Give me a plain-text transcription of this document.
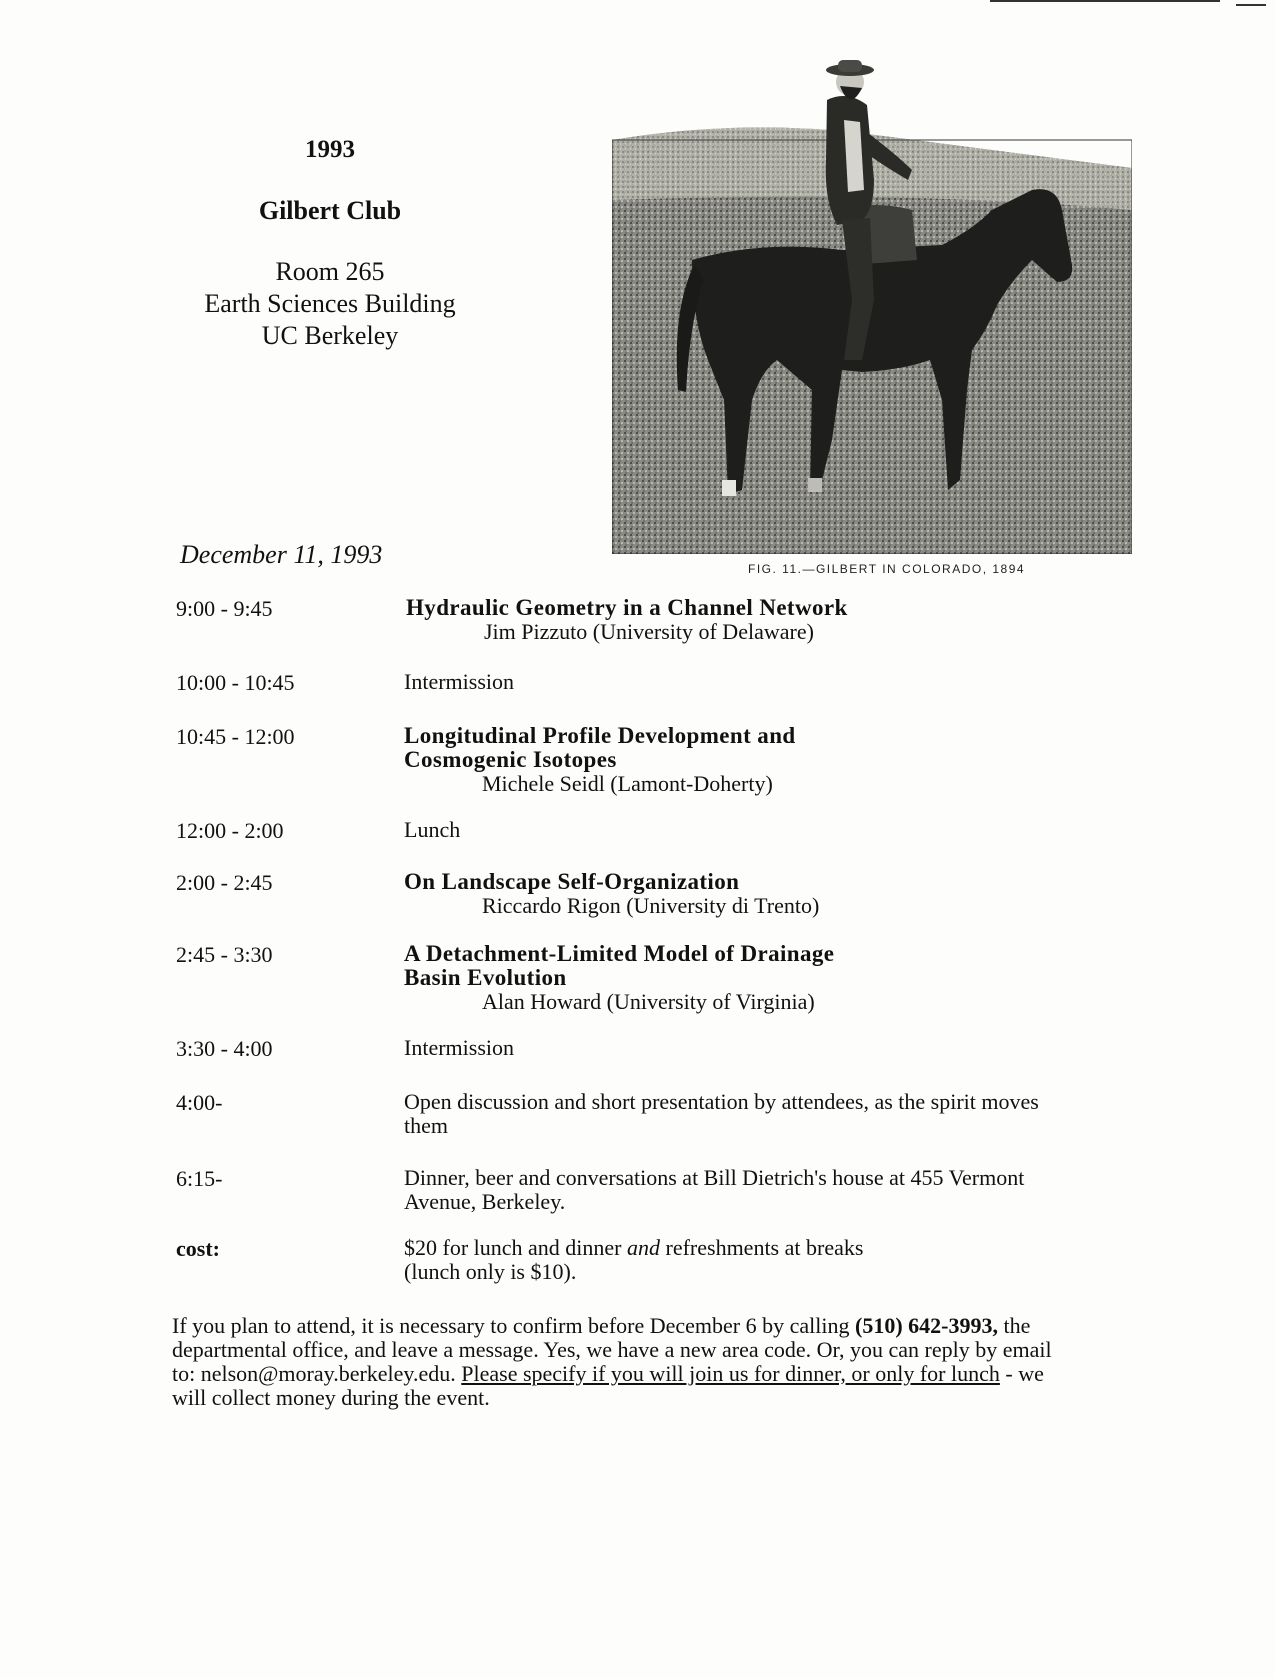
1993
Gilbert Club
Room 265
Earth Sciences Building
UC Berkeley
FIG. 11.—GILBERT IN COLORADO, 1894
December 11, 1993
9:00 - 9:45	Hydraulic Geometry in a Channel Network
Jim Pizzuto (University of Delaware)
10:00 - 10:45	Intermission
10:45 - 12:00	Longitudinal Profile Development and
Cosmogenic Isotopes
Michele Seidl (Lamont-Doherty)
12:00 - 2:00	Lunch
2:00 - 2:45	On Landscape Self-Organization
Riccardo Rigon (University di Trento)
2:45 - 3:30	A Detachment-Limited Model of Drainage
Basin Evolution
Alan Howard (University of Virginia)
3:30 - 4:00	Intermission
4:00-	Open discussion and short presentation by attendees, as the spirit moves them
6:15-	Dinner, beer and conversations at Bill Dietrich's house at 455 Vermont Avenue, Berkeley.
cost:	$20 for lunch and dinner and refreshments at breaks
(lunch only is $10).
If you plan to attend, it is necessary to confirm before December 6 by calling (510) 642-3993, the departmental office, and leave a message. Yes, we have a new area code. Or, you can reply by email to: nelson@moray.berkeley.edu. Please specify if you will join us for dinner, or only for lunch - we will collect money during the event.
